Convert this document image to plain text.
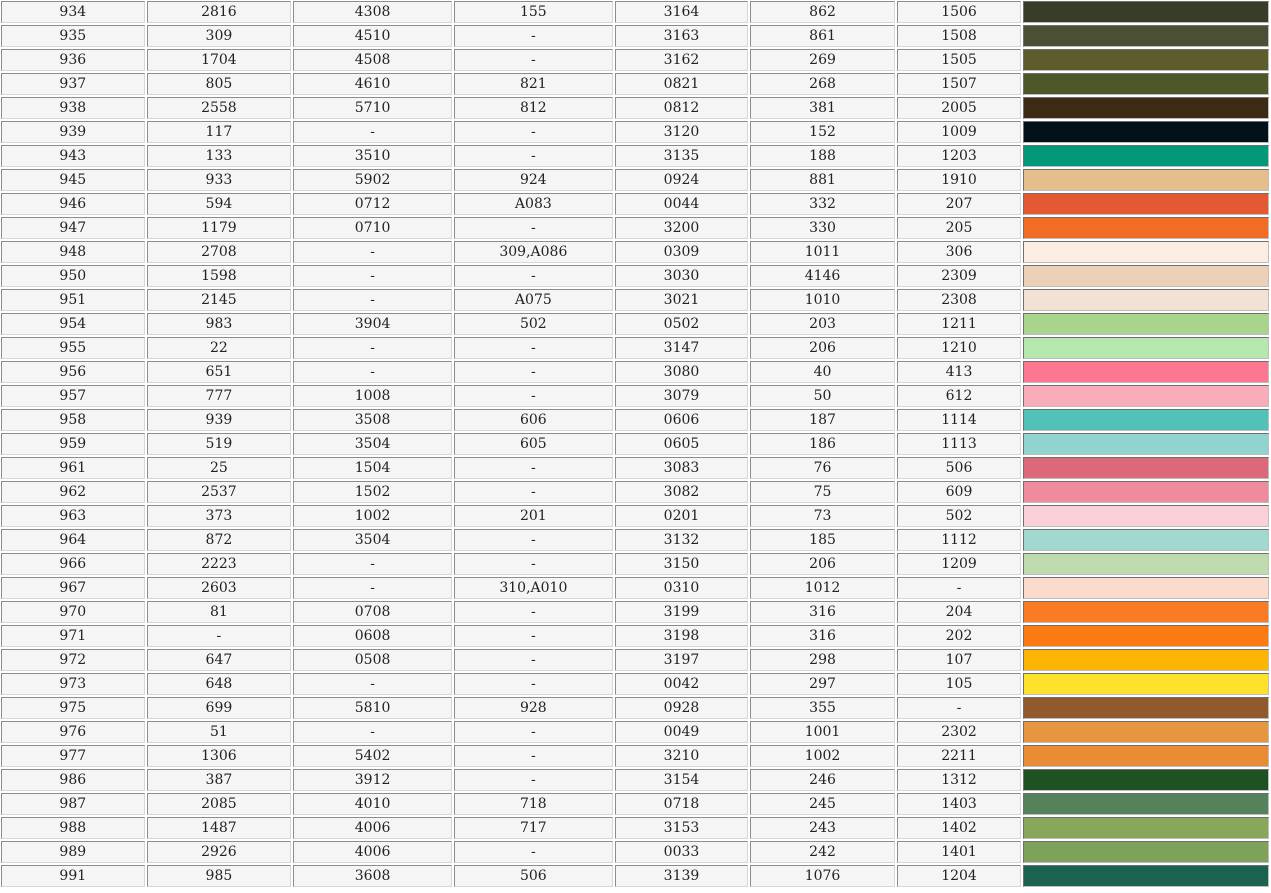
934	2816	4308	155	3164	862	1506	
935	309	4510	-	3163	861	1508	
936	1704	4508	-	3162	269	1505	
937	805	4610	821	0821	268	1507	
938	2558	5710	812	0812	381	2005	
939	117	-	-	3120	152	1009	
943	133	3510	-	3135	188	1203	
945	933	5902	924	0924	881	1910	
946	594	0712	A083	0044	332	207	
947	1179	0710	-	3200	330	205	
948	2708	-	309,A086	0309	1011	306	
950	1598	-	-	3030	4146	2309	
951	2145	-	A075	3021	1010	2308	
954	983	3904	502	0502	203	1211	
955	22	-	-	3147	206	1210	
956	651	-	-	3080	40	413	
957	777	1008	-	3079	50	612	
958	939	3508	606	0606	187	1114	
959	519	3504	605	0605	186	1113	
961	25	1504	-	3083	76	506	
962	2537	1502	-	3082	75	609	
963	373	1002	201	0201	73	502	
964	872	3504	-	3132	185	1112	
966	2223	-	-	3150	206	1209	
967	2603	-	310,A010	0310	1012	-	
970	81	0708	-	3199	316	204	
971	-	0608	-	3198	316	202	
972	647	0508	-	3197	298	107	
973	648	-	-	0042	297	105	
975	699	5810	928	0928	355	-	
976	51	-	-	0049	1001	2302	
977	1306	5402	-	3210	1002	2211	
986	387	3912	-	3154	246	1312	
987	2085	4010	718	0718	245	1403	
988	1487	4006	717	3153	243	1402	
989	2926	4006	-	0033	242	1401	
991	985	3608	506	3139	1076	1204	
